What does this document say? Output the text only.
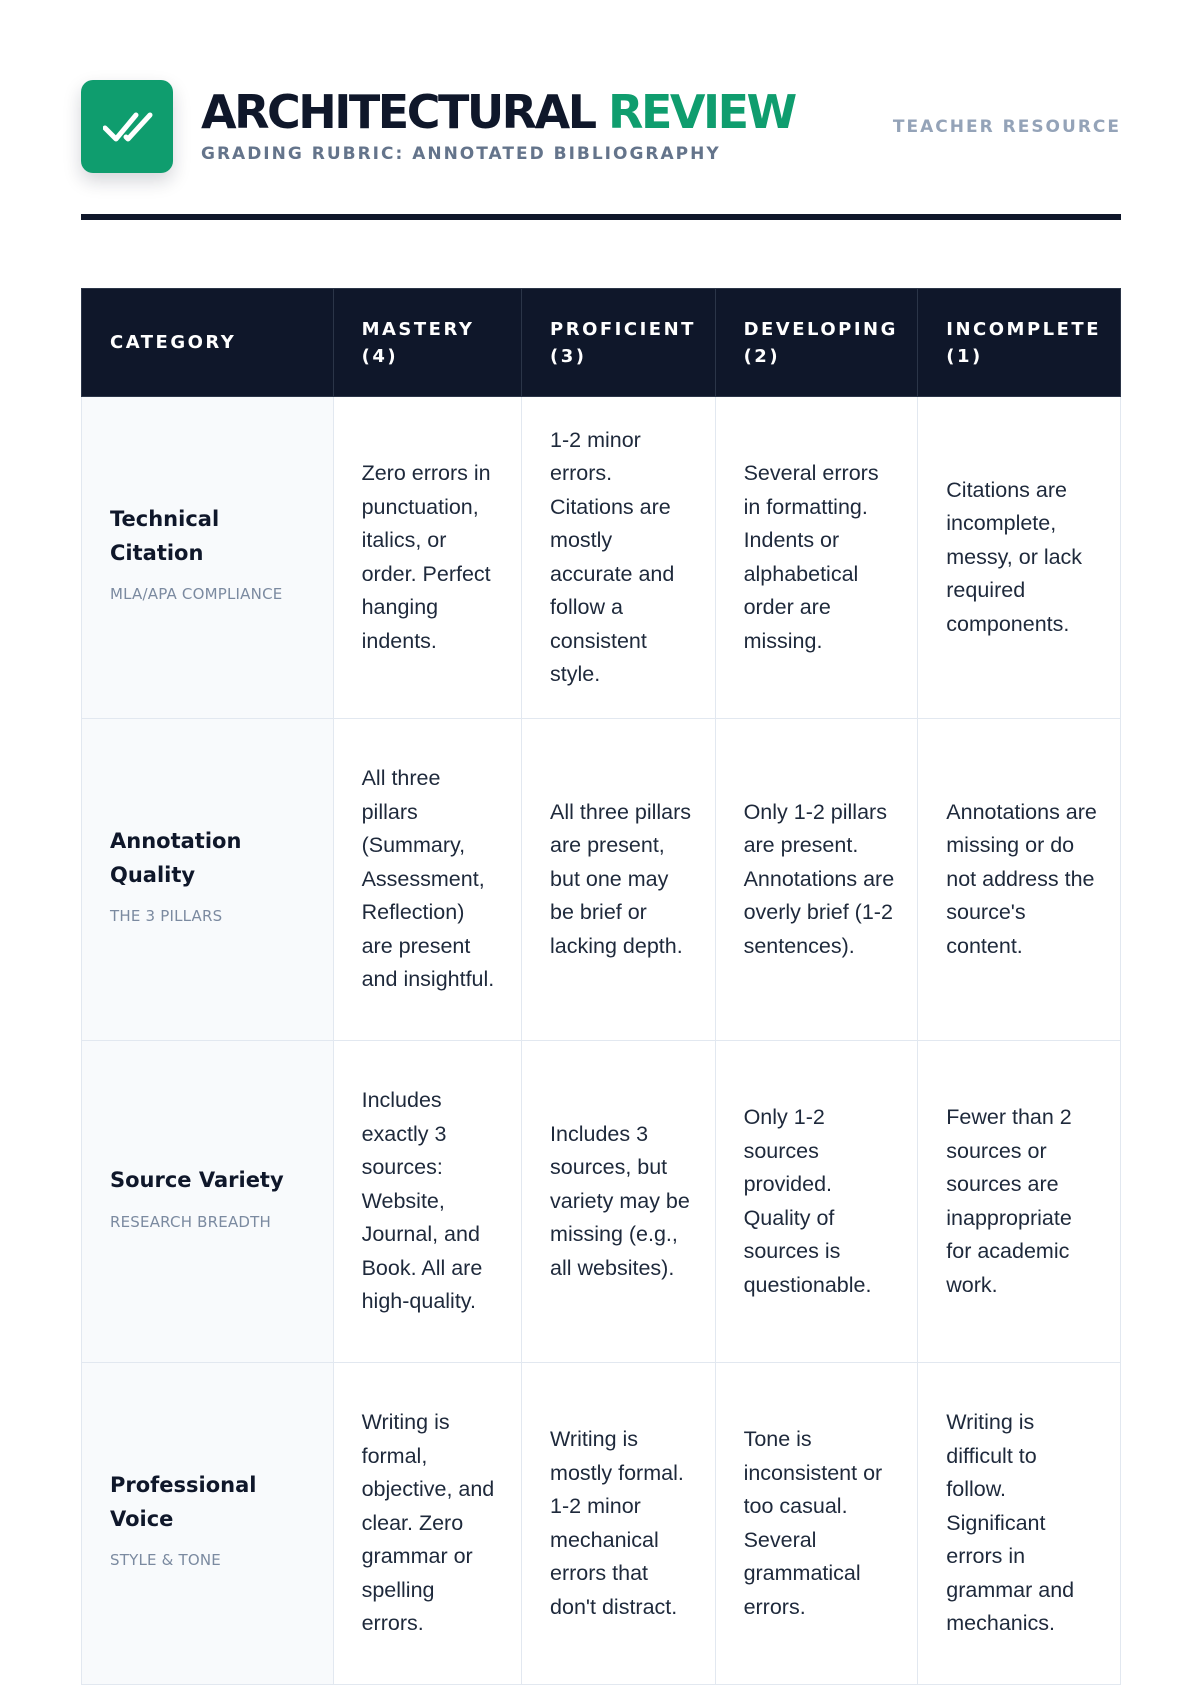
ARCHITECTURAL REVIEW
GRADING RUBRIC: ANNOTATED BIBLIOGRAPHY
TEACHER RESOURCE
CATEGORY	MASTERY (4)	PROFICIENT (3)	DEVELOPING (2)	INCOMPLETE (1)

Technical Citation
MLA/APA COMPLIANCE	Zero errors in punctuation, italics, or order. Perfect hanging indents.	1-2 minor errors. Citations are mostly accurate and follow a consistent style.	Several errors in formatting. Indents or alphabetical order are missing.	Citations are incomplete, messy, or lack required components.

Annotation Quality
THE 3 PILLARS	All three pillars (Summary, Assessment, Reflection) are present and insightful.	All three pillars are present, but one may be brief or lacking depth.	Only 1-2 pillars are present. Annotations are overly brief (1-2 sentences).	Annotations are missing or do not address the source's content.

Source Variety
RESEARCH BREADTH	Includes exactly 3 sources: Website, Journal, and Book. All are high-quality.	Includes 3 sources, but variety may be missing (e.g., all websites).	Only 1-2 sources provided. Quality of sources is questionable.	Fewer than 2 sources or sources are inappropriate for academic work.

Professional Voice
STYLE & TONE	Writing is formal, objective, and clear. Zero grammar or spelling errors.	Writing is mostly formal. 1-2 minor mechanical errors that don't distract.	Tone is inconsistent or too casual. Several grammatical errors.	Writing is difficult to follow. Significant errors in grammar and mechanics.
